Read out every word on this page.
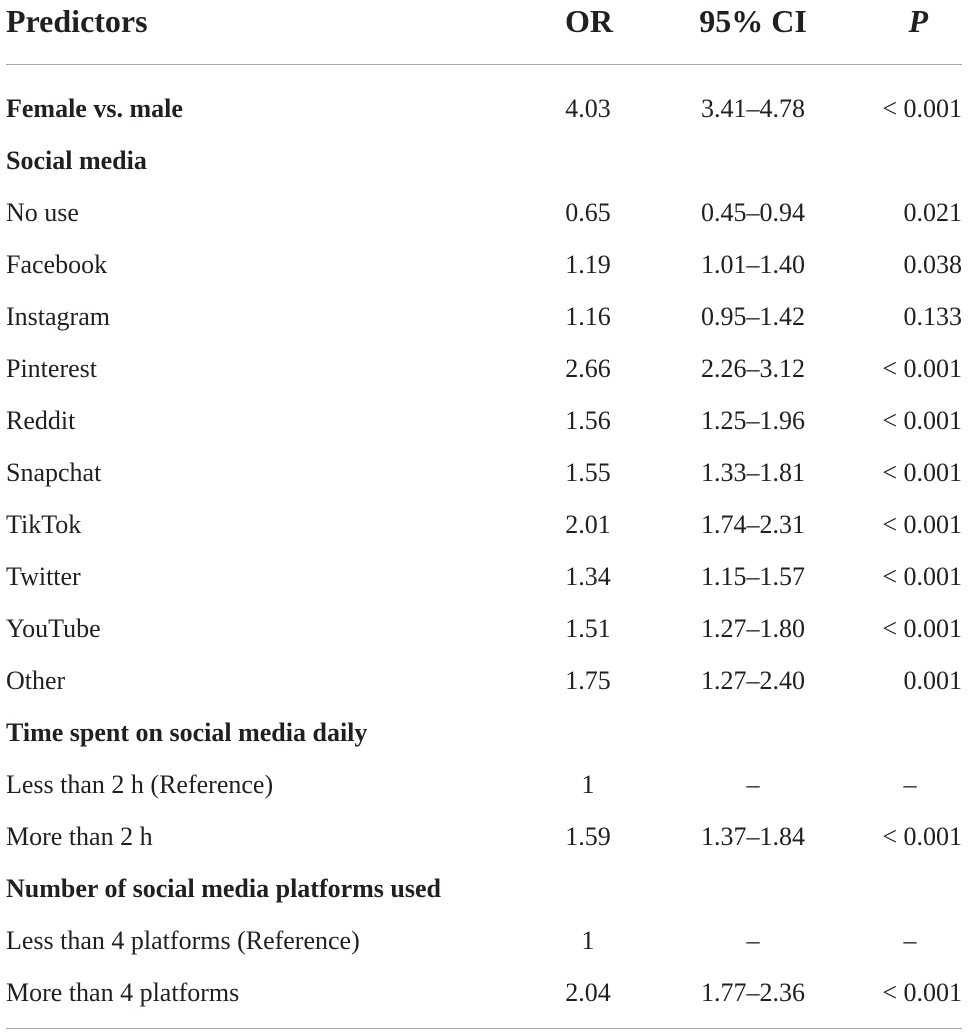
Predictors	OR	95% CI	P
Female vs. male	4.03	3.41–4.78	< 0.001
Social media
No use	0.65	0.45–0.94	0.021
Facebook	1.19	1.01–1.40	0.038
Instagram	1.16	0.95–1.42	0.133
Pinterest	2.66	2.26–3.12	< 0.001
Reddit	1.56	1.25–1.96	< 0.001
Snapchat	1.55	1.33–1.81	< 0.001
TikTok	2.01	1.74–2.31	< 0.001
Twitter	1.34	1.15–1.57	< 0.001
YouTube	1.51	1.27–1.80	< 0.001
Other	1.75	1.27–2.40	0.001
Time spent on social media daily
Less than 2 h (Reference)	1	–	–
More than 2 h	1.59	1.37–1.84	< 0.001
Number of social media platforms used
Less than 4 platforms (Reference)	1	–	–
More than 4 platforms	2.04	1.77–2.36	< 0.001
